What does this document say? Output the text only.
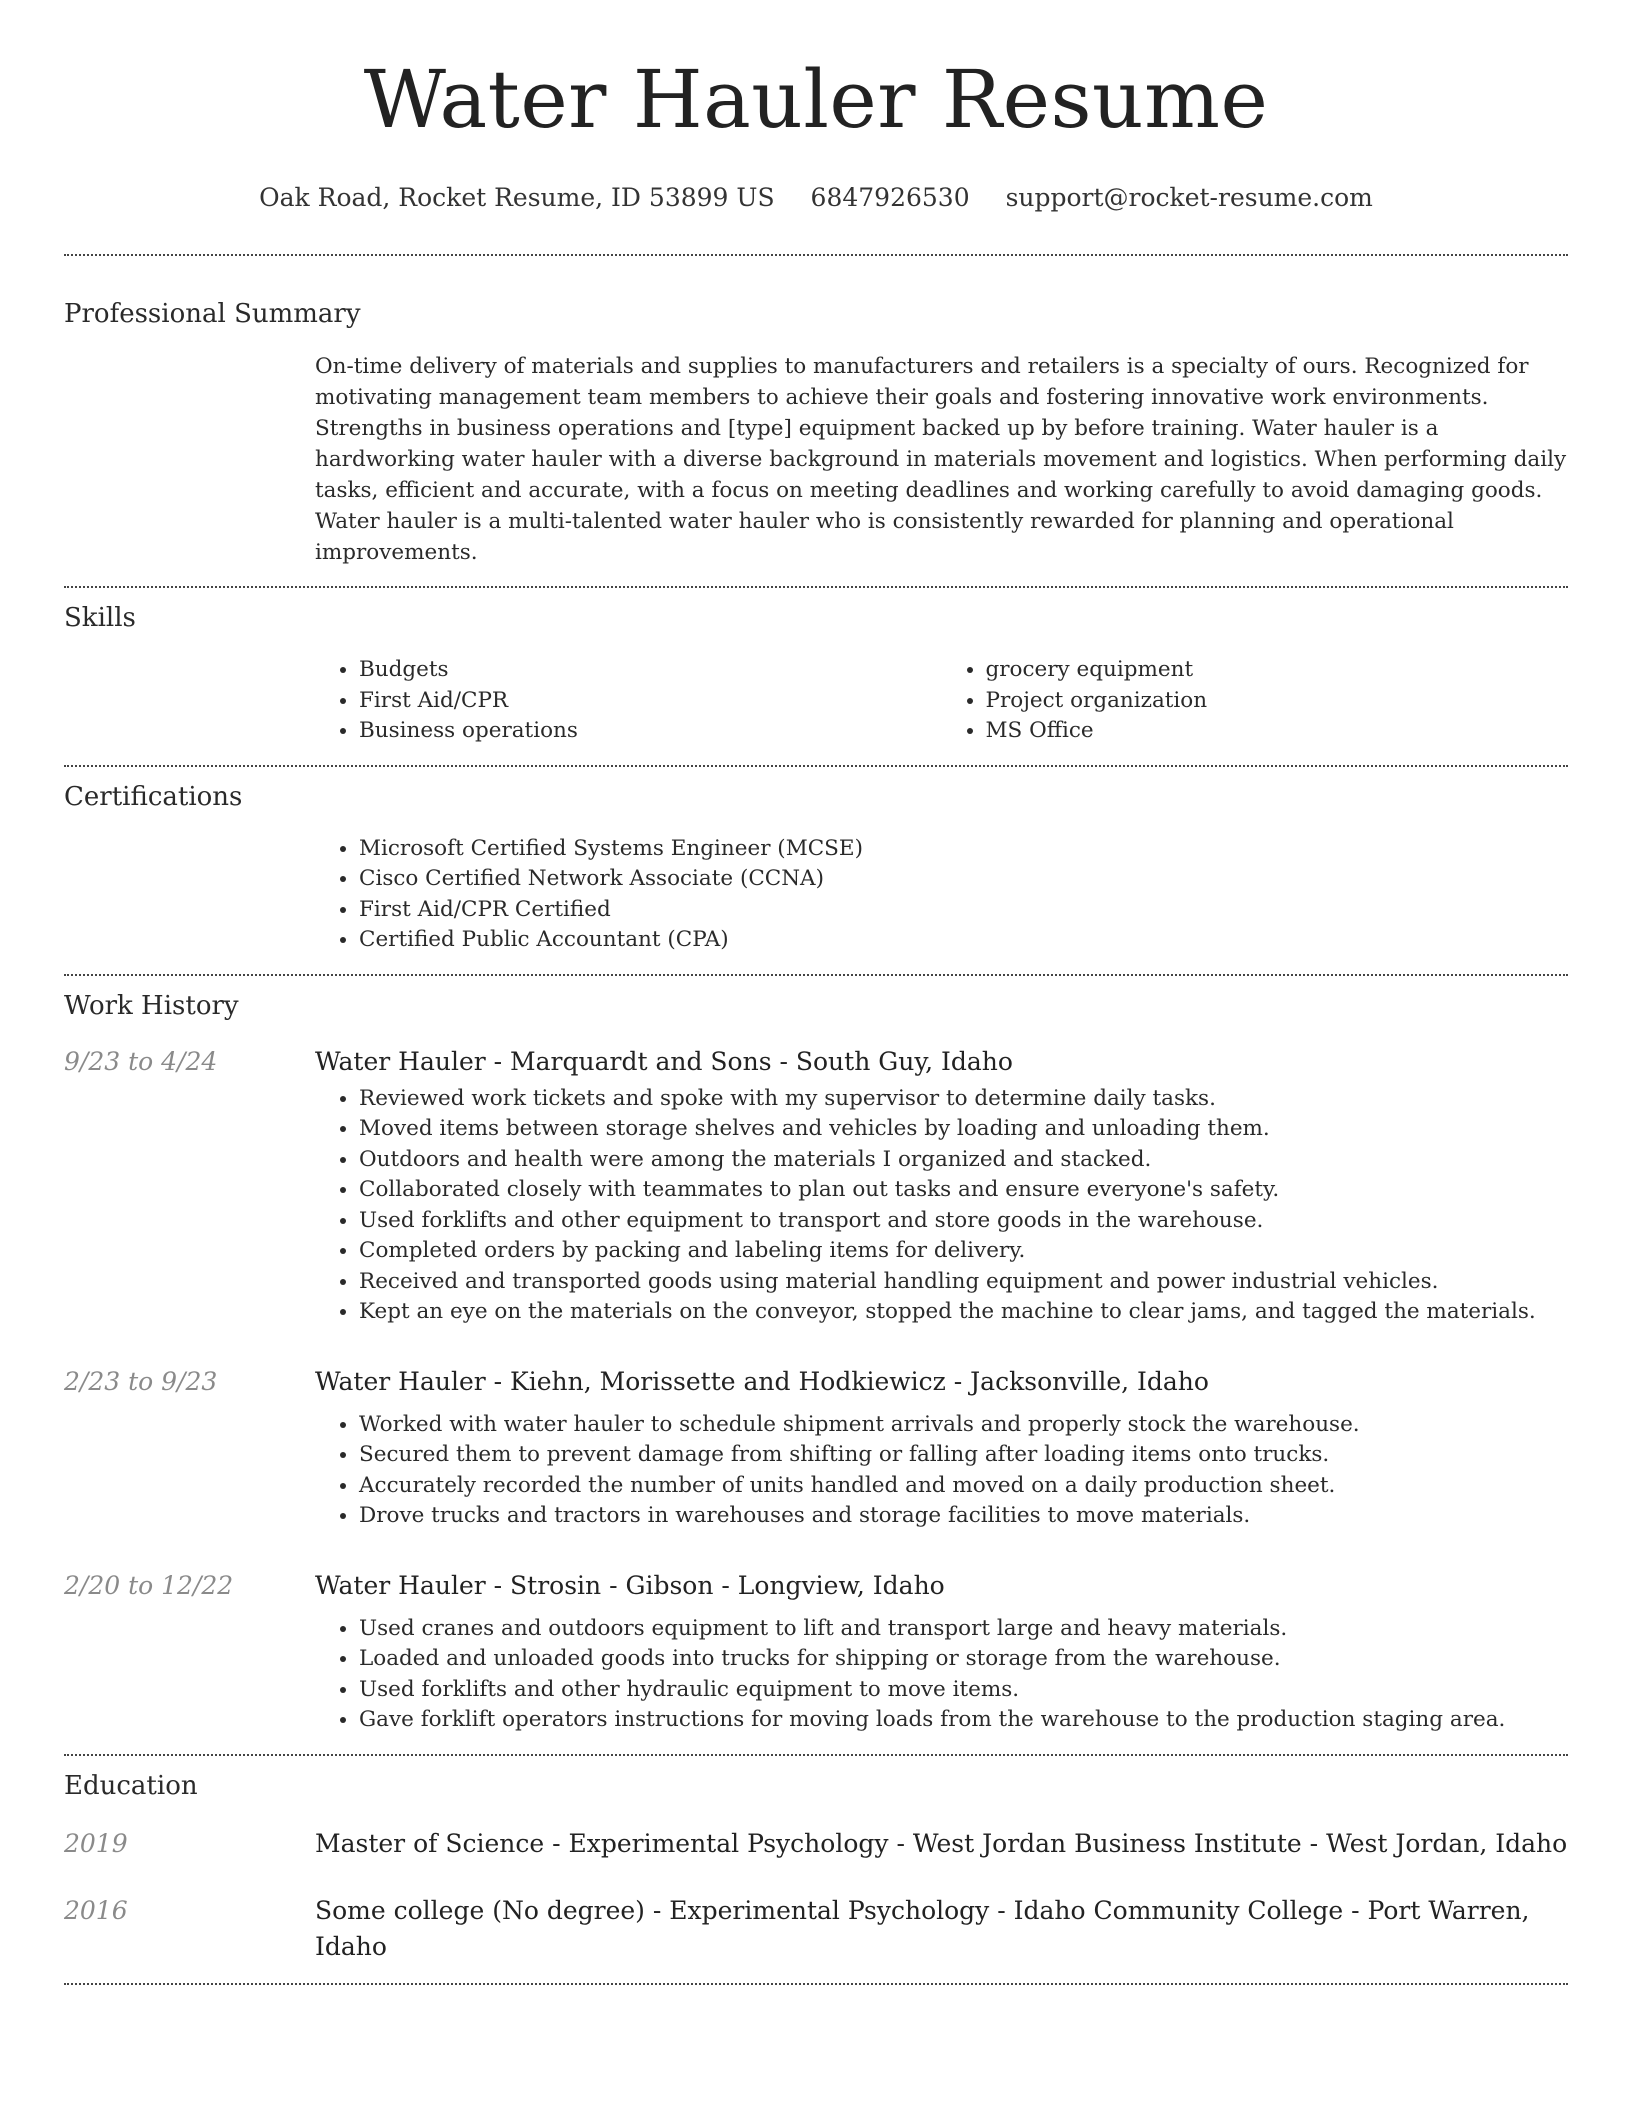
Water Hauler Resume
Oak Road, Rocket Resume, ID 53899 US 6847926530 support@rocket-resume.com
Professional Summary
On-time delivery of materials and supplies to manufacturers and retailers is a specialty of ours. Recognized for motivating management team members to achieve their goals and fostering innovative work environments. Strengths in business operations and [type] equipment backed up by before training. Water hauler is a hardworking water hauler with a diverse background in materials movement and logistics. When performing daily tasks, efficient and accurate, with a focus on meeting deadlines and working carefully to avoid damaging goods. Water hauler is a multi-talented water hauler who is consistently rewarded for planning and operational improvements.
Skills
• Budgets
• First Aid/CPR
• Business operations
• grocery equipment
• Project organization
• MS Office
Certifications
• Microsoft Certified Systems Engineer (MCSE)
• Cisco Certified Network Associate (CCNA)
• First Aid/CPR Certified
• Certified Public Accountant (CPA)
Work History
9/23 to 4/24	Water Hauler - Marquardt and Sons - South Guy, Idaho
• Reviewed work tickets and spoke with my supervisor to determine daily tasks.
• Moved items between storage shelves and vehicles by loading and unloading them.
• Outdoors and health were among the materials I organized and stacked.
• Collaborated closely with teammates to plan out tasks and ensure everyone's safety.
• Used forklifts and other equipment to transport and store goods in the warehouse.
• Completed orders by packing and labeling items for delivery.
• Received and transported goods using material handling equipment and power industrial vehicles.
• Kept an eye on the materials on the conveyor, stopped the machine to clear jams, and tagged the materials.
2/23 to 9/23	Water Hauler - Kiehn, Morissette and Hodkiewicz - Jacksonville, Idaho
• Worked with water hauler to schedule shipment arrivals and properly stock the warehouse.
• Secured them to prevent damage from shifting or falling after loading items onto trucks.
• Accurately recorded the number of units handled and moved on a daily production sheet.
• Drove trucks and tractors in warehouses and storage facilities to move materials.
2/20 to 12/22	Water Hauler - Strosin - Gibson - Longview, Idaho
• Used cranes and outdoors equipment to lift and transport large and heavy materials.
• Loaded and unloaded goods into trucks for shipping or storage from the warehouse.
• Used forklifts and other hydraulic equipment to move items.
• Gave forklift operators instructions for moving loads from the warehouse to the production staging area.
Education
2019	Master of Science - Experimental Psychology - West Jordan Business Institute - West Jordan, Idaho
2016	Some college (No degree) - Experimental Psychology - Idaho Community College - Port Warren, Idaho
